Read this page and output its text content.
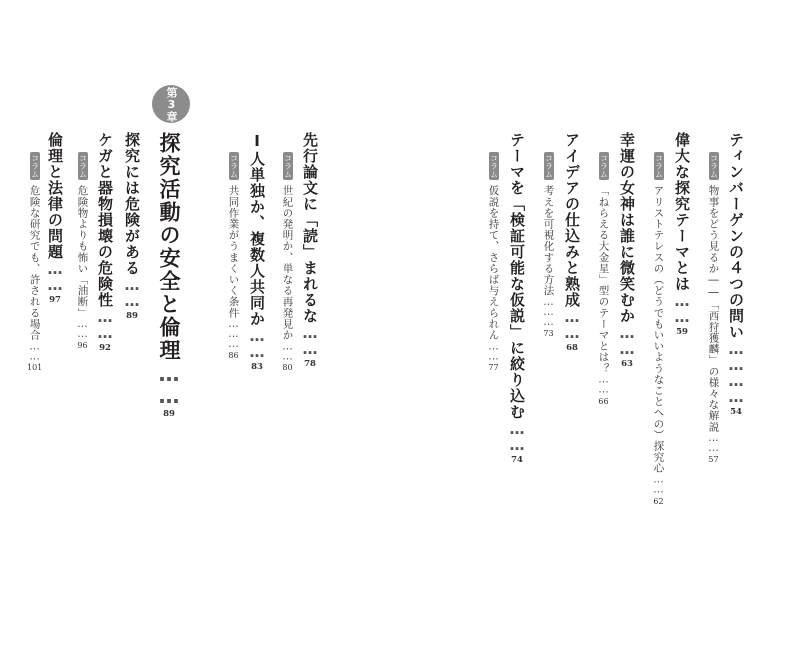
ティンバーゲンの４つの問い…………54
コラム物事をどう見るか――「西狩獲麟」の様々な解説……57
偉大な探究テーマとは……59
コラムアリストテレスの（どうでもいいようなことへの）探究心……62
幸運の女神は誰に微笑むか……63
コラム「ねらえる大金星」型のテーマとは？……66
アイデアの仕込みと熟成……68
コラム考えを可視化する方法………73
テーマを「検証可能な仮説」に絞り込む……74
コラム仮説を持て、さらば与えられん……77
先行論文に「読」まれるな……78
コラム世紀の発明か、単なる再発見か……80
I人単独か、複数人共同か……83
コラム共同作業がうまくいく条件………86
第3章
探究活動の安全と倫理……89
探究には危険がある……89
ケガと器物損壊の危険性……92
コラム危険物よりも怖い「油断」……96
倫理と法律の問題……97
コラム危険な研究でも、許される場合……101
